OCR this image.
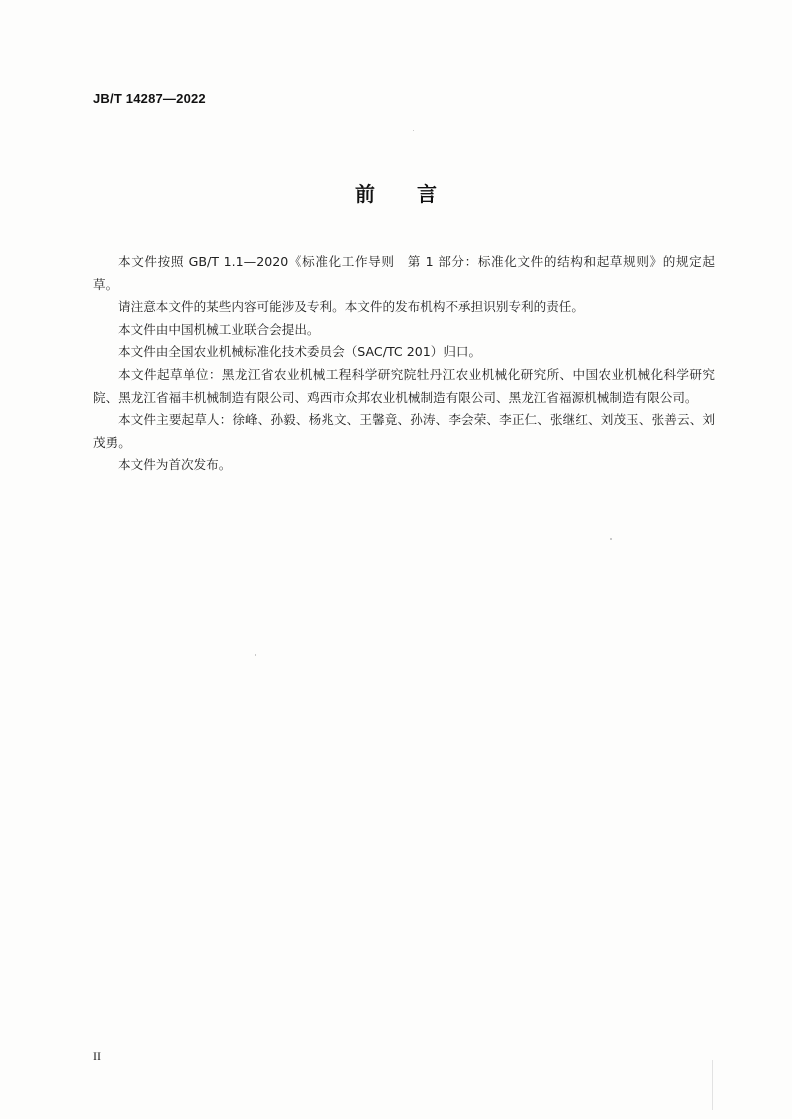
JB/T 14287—2022
前 言

本文件按照 GB/T 1.1—2020《标准化工作导则　第 1 部分：标准化文件的结构和起草规则》的规定起草。

请注意本文件的某些内容可能涉及专利。本文件的发布机构不承担识别专利的责任。

本文件由中国机械工业联合会提出。

本文件由全国农业机械标准化技术委员会（SAC/TC 201）归口。

本文件起草单位：黑龙江省农业机械工程科学研究院牡丹江农业机械化研究所、中国农业机械化科学研究院、黑龙江省福丰机械制造有限公司、鸡西市众邦农业机械制造有限公司、黑龙江省福源机械制造有限公司。

本文件主要起草人：徐峰、孙毅、杨兆文、王馨竟、孙涛、李会荣、李正仁、张继红、刘茂玉、张善云、刘茂勇。

本文件为首次发布。

II
